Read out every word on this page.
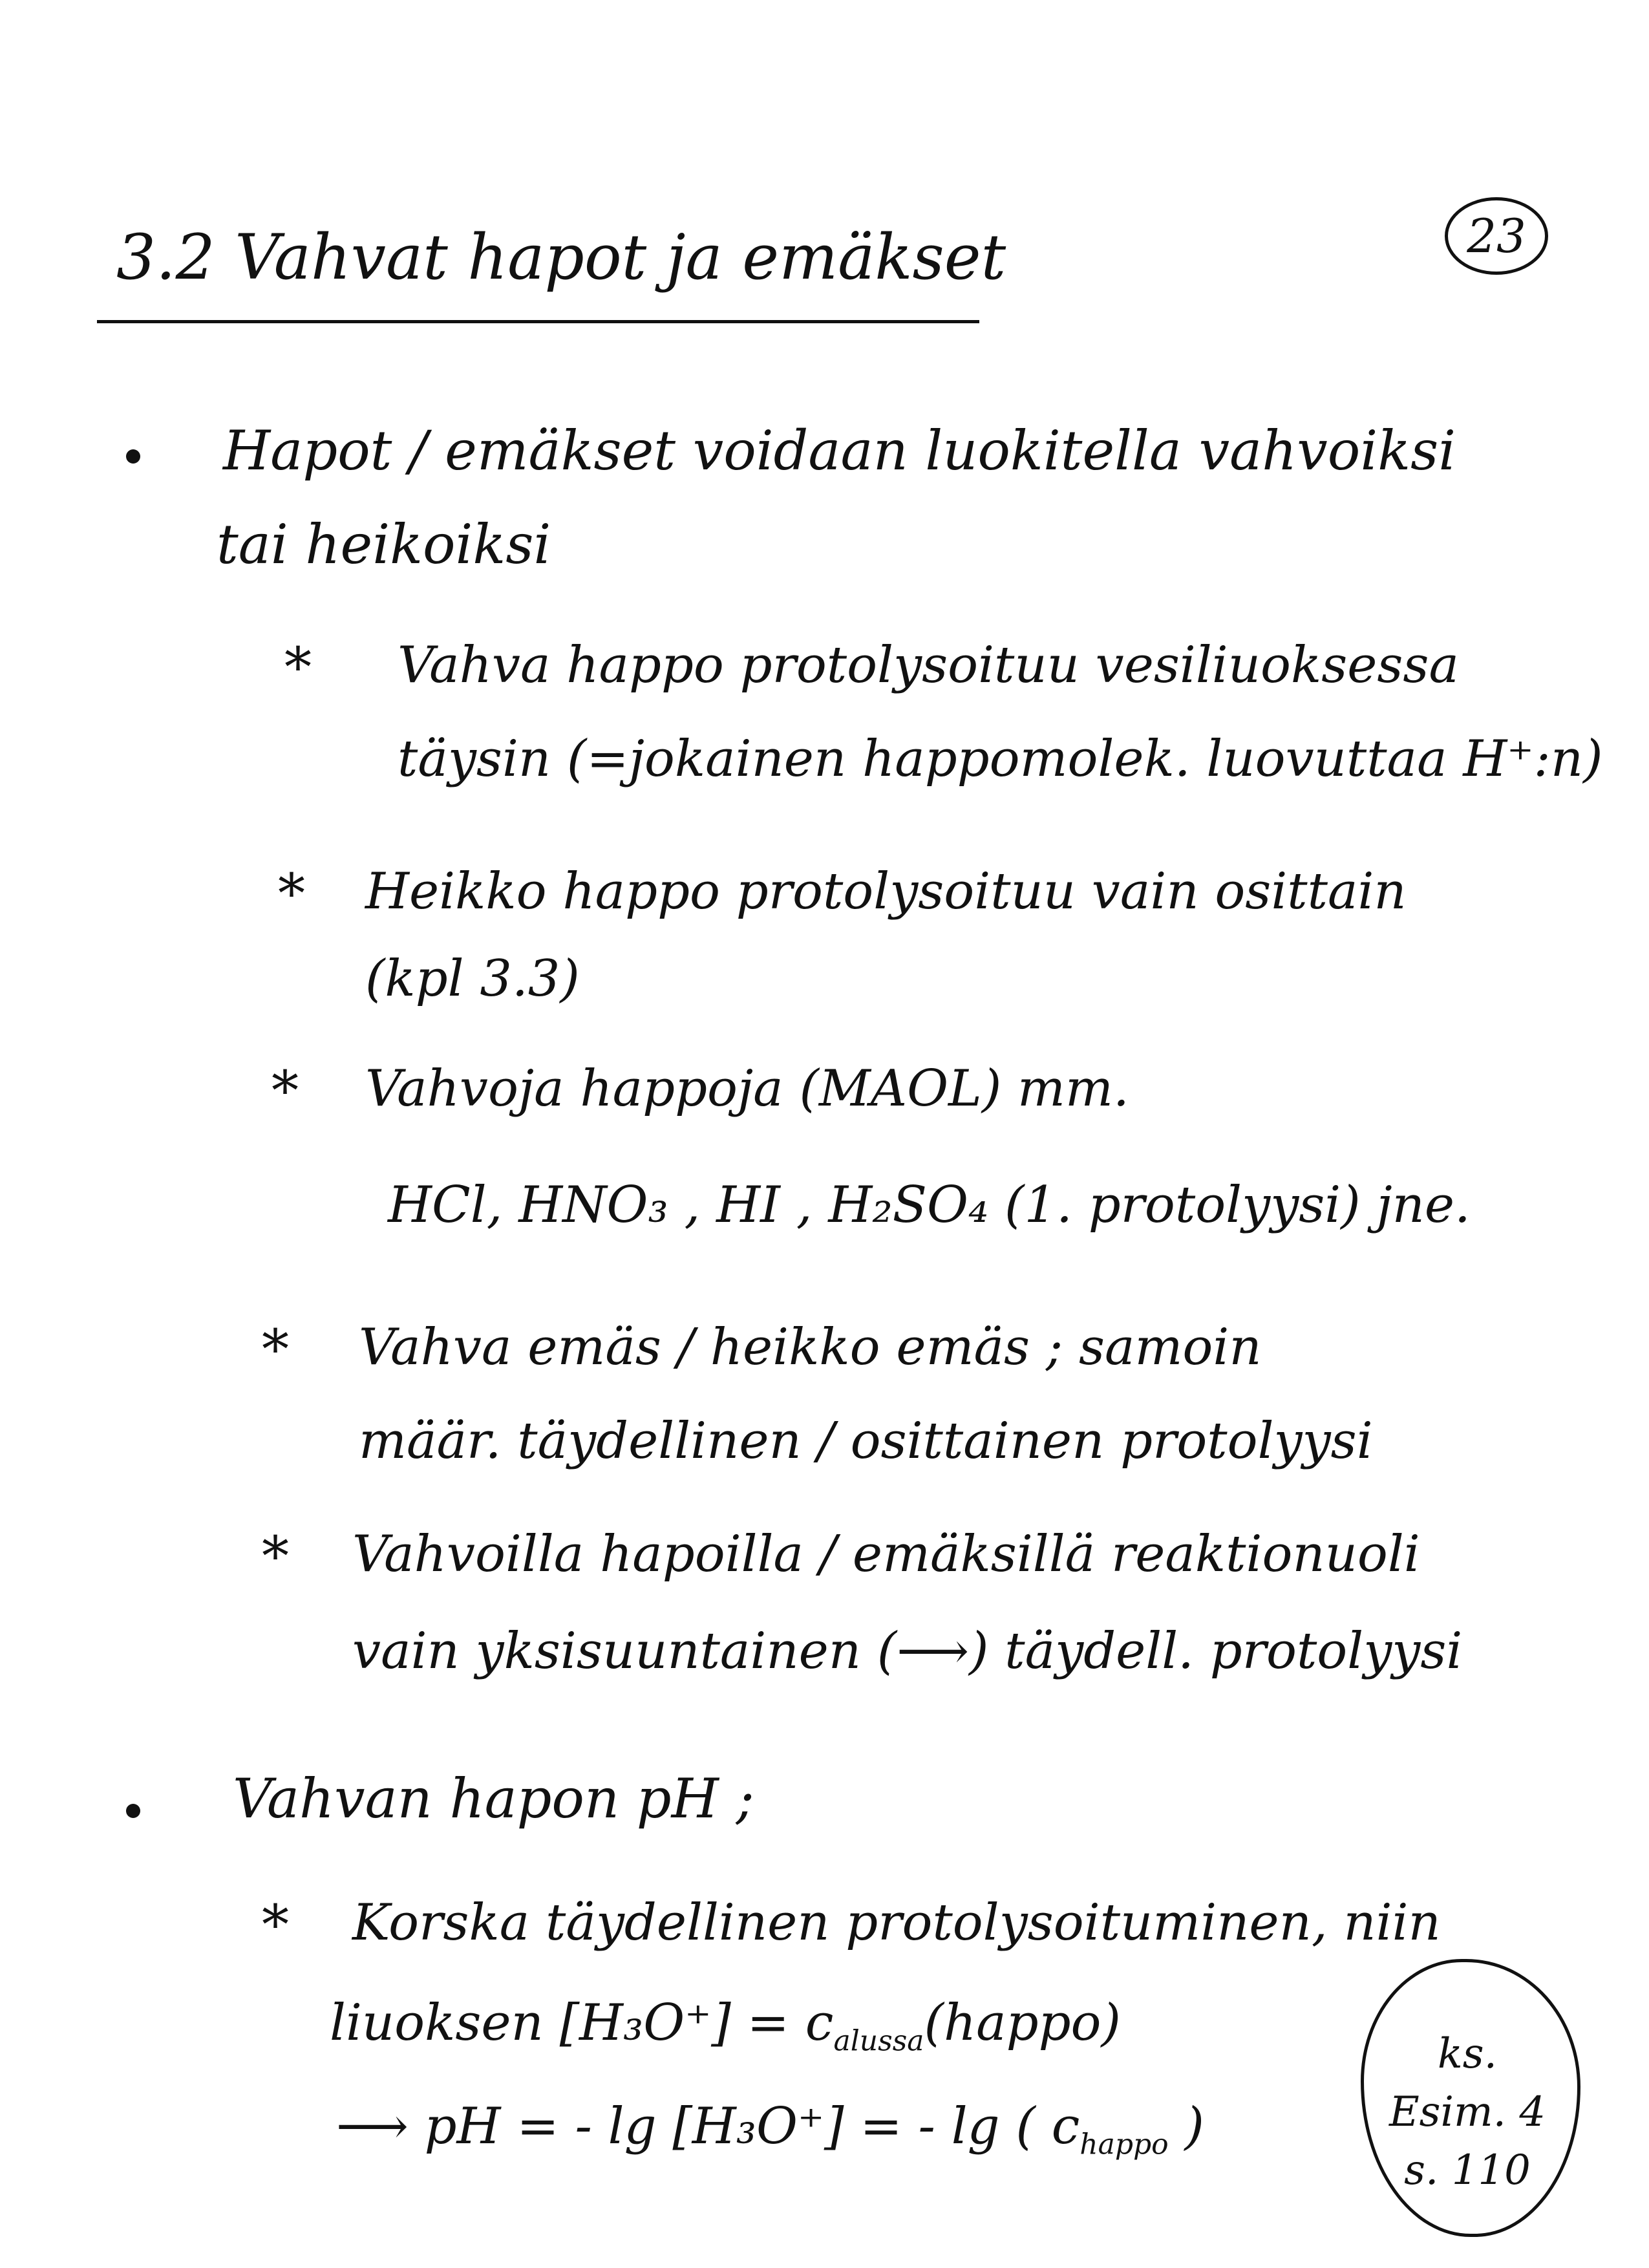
3.2 Vahvat hapot ja emäkset	23
Hapot / emäkset voidaan luokitella vahvoiksi
tai heikoiksi
* Vahva happo protolysoituu vesiliuoksessa
täysin (=jokainen happomolek. luovuttaa H⁺:n)
* Heikko happo protolysoituu vain osittain
(kpl 3.3)
* Vahvoja happoja (MAOL) mm.
HCl, HNO₃ , HI , H₂SO₄ (1. protolyysi) jne.
* Vahva emäs / heikko emäs ; samoin
määr. täydellinen / osittainen protolyysi
* Vahvoilla hapoilla / emäksillä reaktionuoli
vain yksisuuntainen (⟶) täydell. protolyysi
Vahvan hapon pH ;
* Korska täydellinen protolysoituminen, niin
liuoksen $[H_3O^+] = c_{alussa}(happo)$
⟶ pH = - lg [H₃O⁺] = - lg ( $c_{happo}$ )
ks.
Esim. 4
s. 110
